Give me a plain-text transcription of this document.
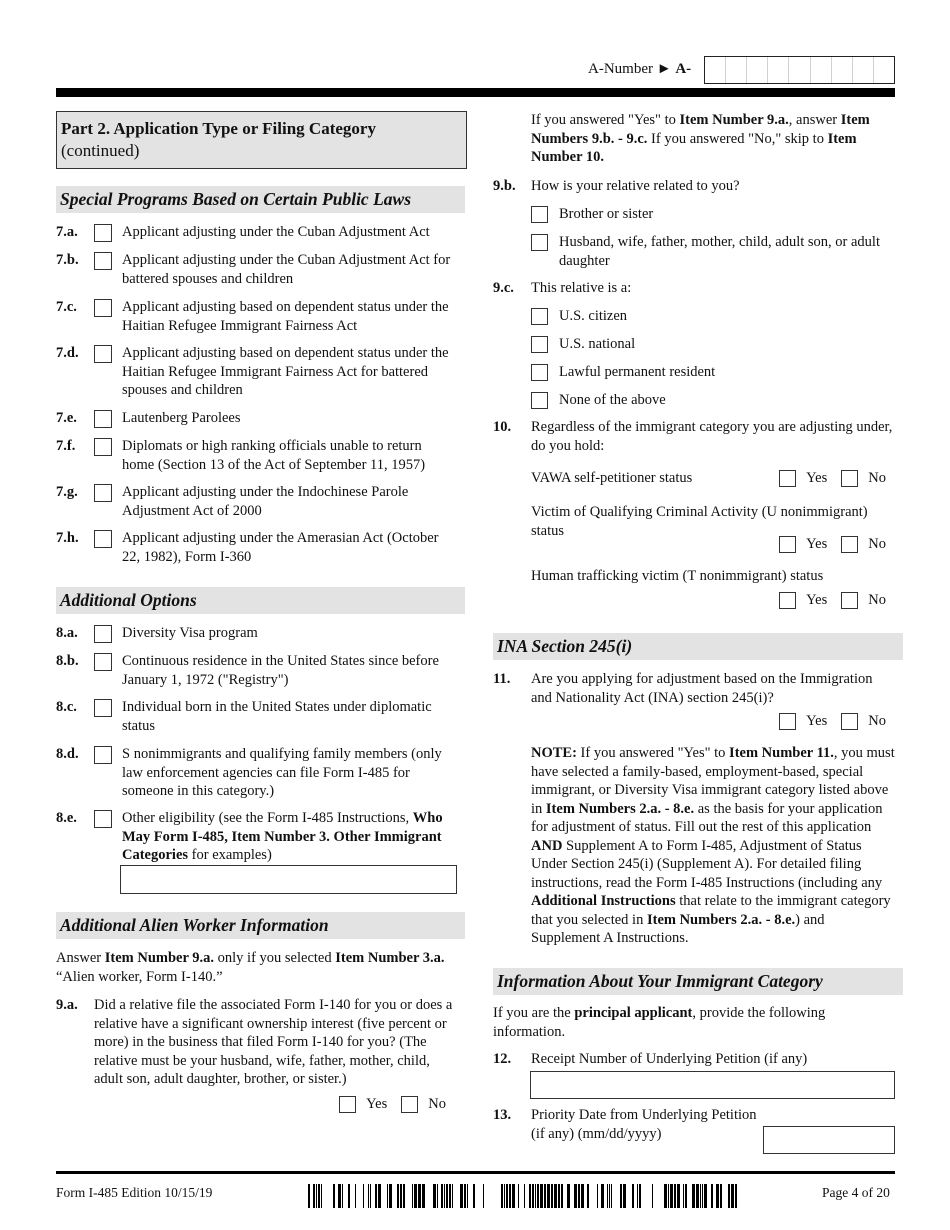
A-Number ► A-
Part 2. Application Type or Filing Category
(continued)
Special Programs Based on Certain Public Laws
7.a.	Applicant adjusting under the Cuban Adjustment Act
7.b.	Applicant adjusting under the Cuban Adjustment Act for battered spouses and children
7.c.	Applicant adjusting based on dependent status under the Haitian Refugee Immigrant Fairness Act
7.d.	Applicant adjusting based on dependent status under the Haitian Refugee Immigrant Fairness Act for battered spouses and children
7.e.	Lautenberg Parolees
7.f.	Diplomats or high ranking officials unable to return home (Section 13 of the Act of September 11, 1957)
7.g.	Applicant adjusting under the Indochinese Parole Adjustment Act of 2000
7.h.	Applicant adjusting under the Amerasian Act (October 22, 1982), Form I-360
Additional Options
8.a.	Diversity Visa program
8.b.	Continuous residence in the United States since before January 1, 1972 ("Registry")
8.c.	Individual born in the United States under diplomatic status
8.d.	S nonimmigrants and qualifying family members (only law enforcement agencies can file Form I-485 for someone in this category.)
8.e.	Other eligibility (see the Form I-485 Instructions, Who May Form I-485, Item Number 3. Other Immigrant Categories for examples)
Additional Alien Worker Information
Answer Item Number 9.a. only if you selected Item Number 3.a. “Alien worker, Form I-140.”
9.a.	Did a relative file the associated Form I-140 for you or does a relative have a significant ownership interest (five percent or more) in the business that filed Form I-140 for you? (The relative must be your husband, wife, father, mother, child, adult son, adult daughter, brother, or sister.)
Yes	No
If you answered "Yes" to Item Number 9.a., answer Item Numbers 9.b. - 9.c. If you answered "No," skip to Item Number 10.
9.b.	How is your relative related to you?
Brother or sister
Husband, wife, father, mother, child, adult son, or adult daughter
9.c.	This relative is a:
U.S. citizen
U.S. national
Lawful permanent resident
None of the above
10.	Regardless of the immigrant category you are adjusting under, do you hold:
VAWA self-petitioner status	Yes	No
Victim of Qualifying Criminal Activity (U nonimmigrant) status
Yes	No
Human trafficking victim (T nonimmigrant) status
Yes	No
INA Section 245(i)
11.	Are you applying for adjustment based on the Immigration and Nationality Act (INA) section 245(i)?
Yes	No
NOTE: If you answered "Yes" to Item Number 11., you must have selected a family-based, employment-based, special immigrant, or Diversity Visa immigrant category listed above in Item Numbers 2.a. - 8.e. as the basis for your application for adjustment of status. Fill out the rest of this application AND Supplement A to Form I-485, Adjustment of Status Under Section 245(i) (Supplement A). For detailed filing instructions, read the Form I-485 Instructions (including any Additional Instructions that relate to the immigrant category that you selected in Item Numbers 2.a. - 8.e.) and Supplement A Instructions.
Information About Your Immigrant Category
If you are the principal applicant, provide the following information.
12.	Receipt Number of Underlying Petition (if any)
13.	Priority Date from Underlying Petition (if any) (mm/dd/yyyy)
Form I-485 Edition 10/15/19	Page 4 of 20
